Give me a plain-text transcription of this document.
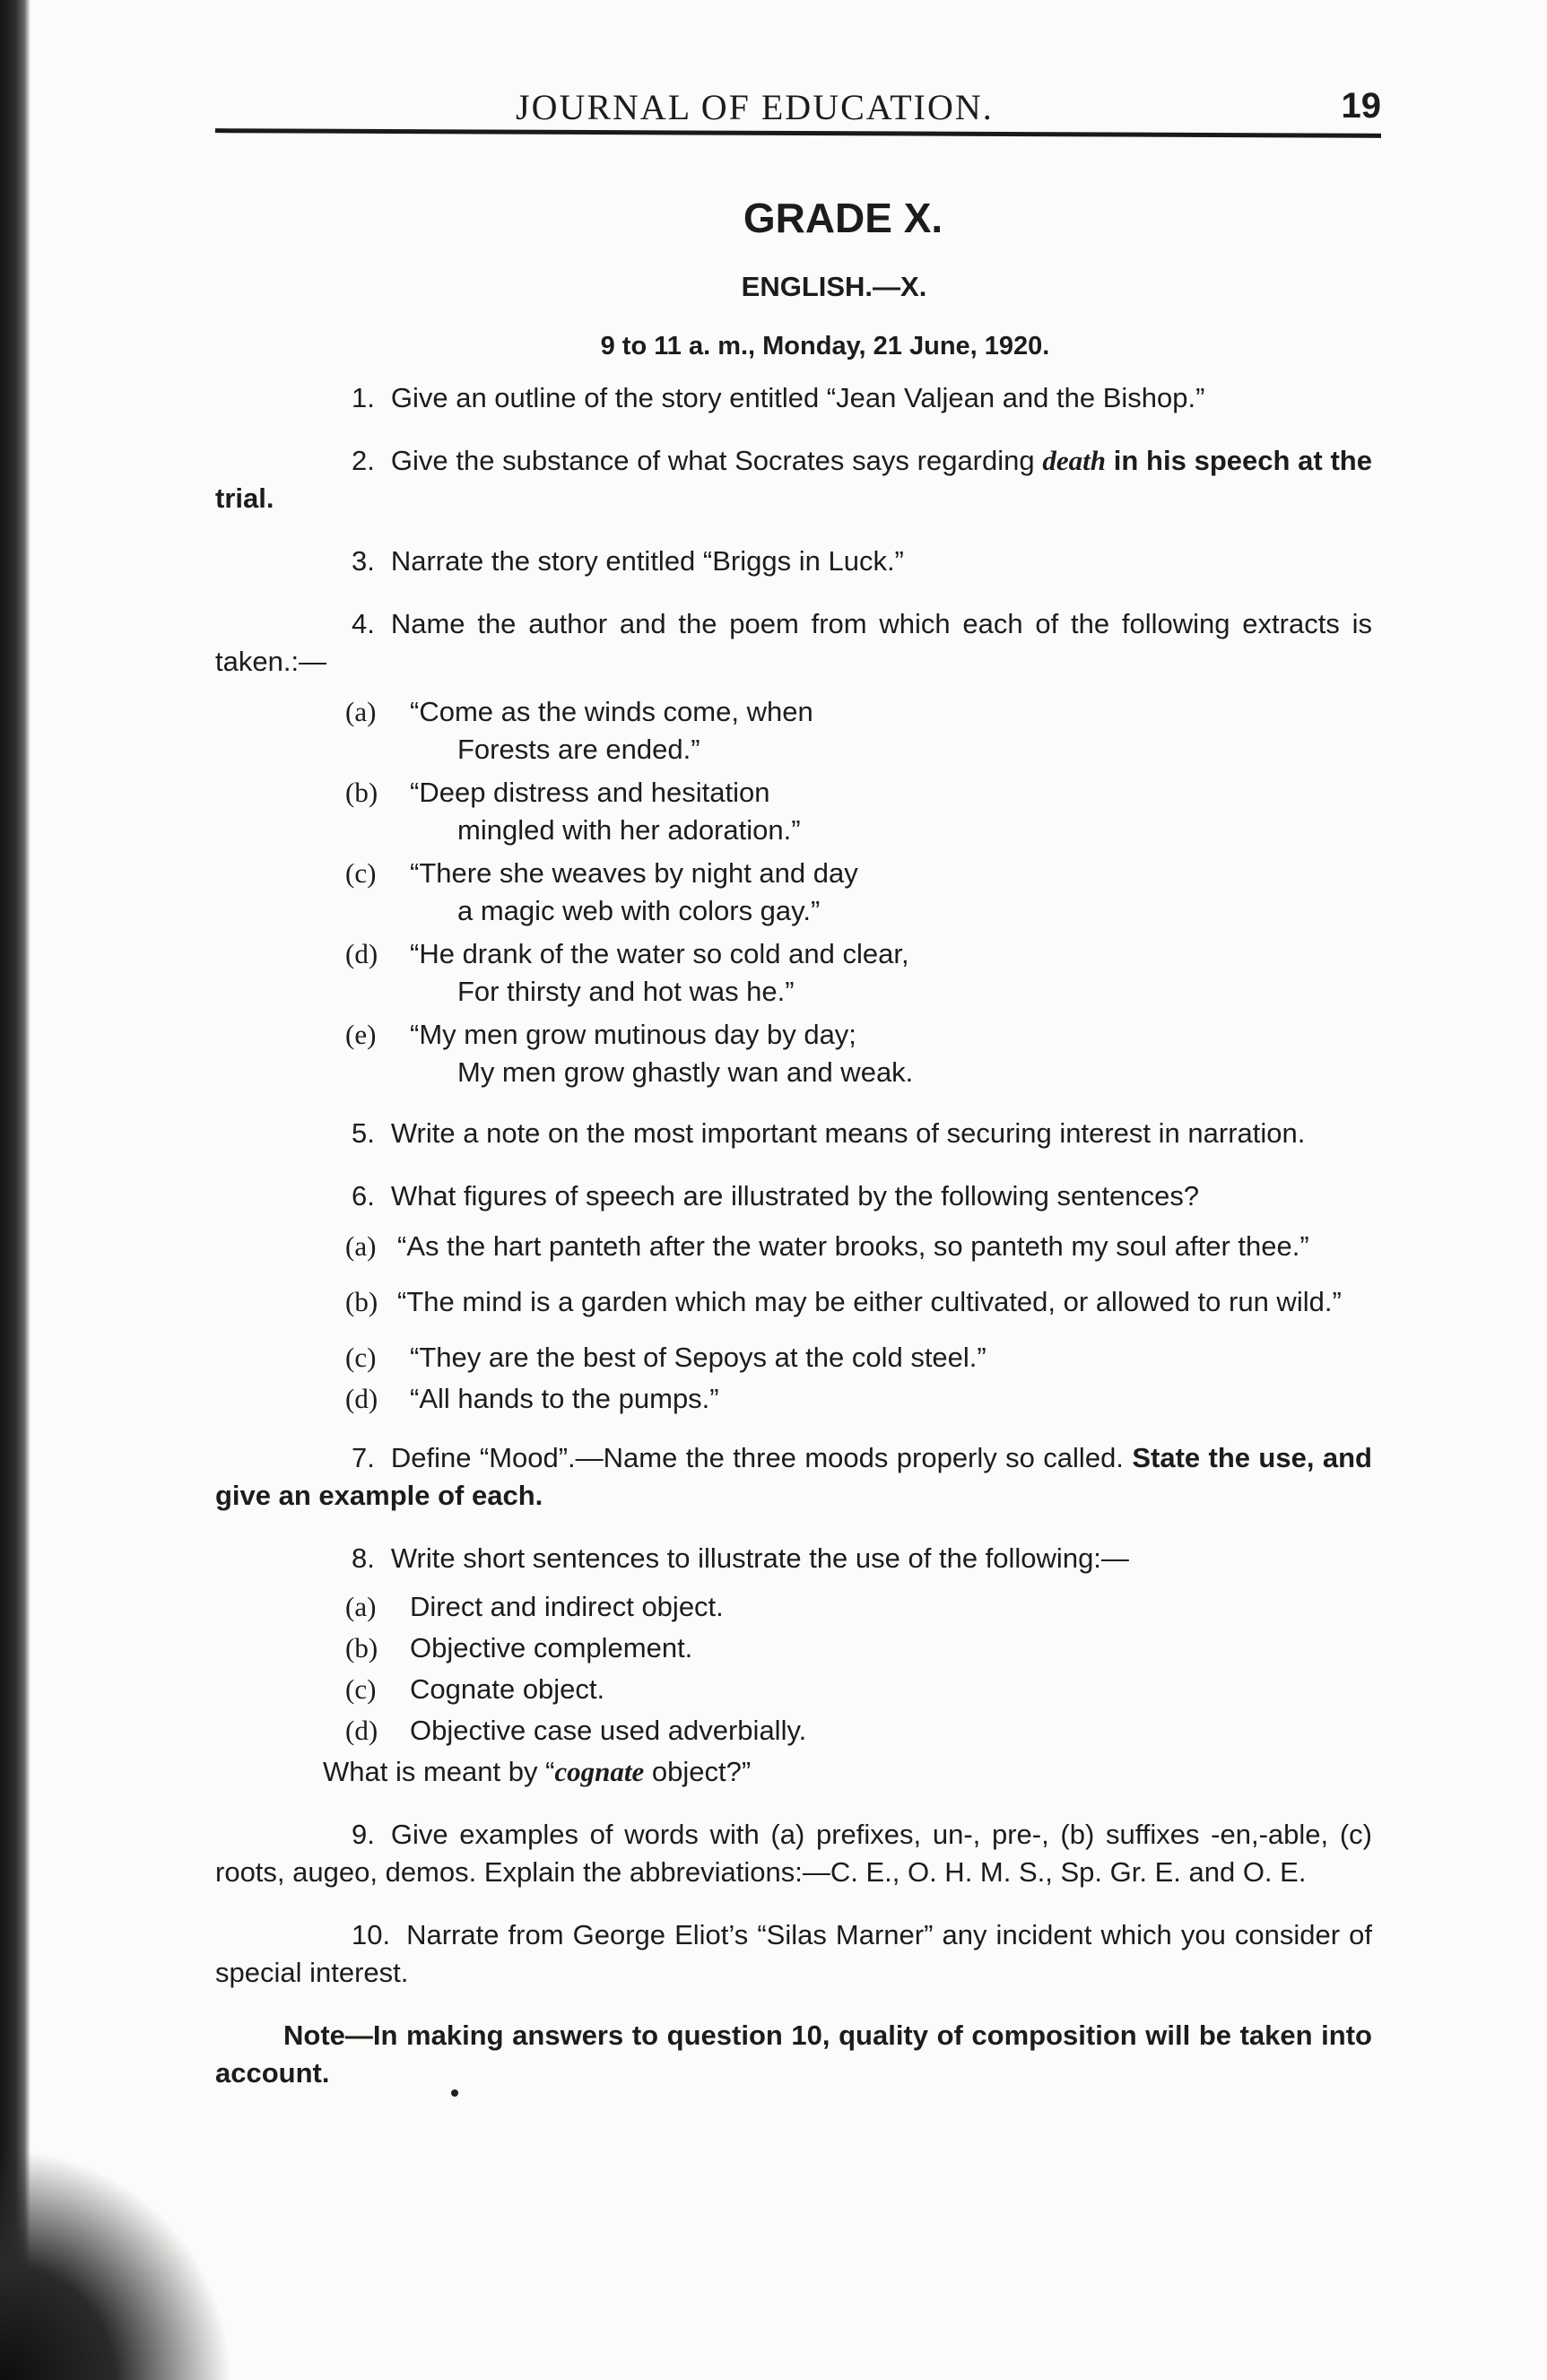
JOURNAL OF EDUCATION.	19
GRADE X.
ENGLISH.—X.
9 to 11 a. m., Monday, 21 June, 1920.

1. Give an outline of the story entitled “Jean Valjean and the Bishop.”

2. Give the substance of what Socrates says regarding death in his speech at the trial.

3. Narrate the story entitled “Briggs in Luck.”

4. Name the author and the poem from which each of the following extracts is taken.:—

(a)	“Come as the winds come, when
Forests are ended.”
(b)	“Deep distress and hesitation
mingled with her adoration.”
(c)	“There she weaves by night and day
a magic web with colors gay.”
(d)	“He drank of the water so cold and clear,
For thirsty and hot was he.”
(e)	“My men grow mutinous day by day;
My men grow ghastly wan and weak.

5. Write a note on the most important means of securing interest in narration.

6. What figures of speech are illustrated by the following sentences?

(a) “As the hart panteth after the water brooks, so panteth my soul after thee.”

(b) “The mind is a garden which may be either cultivated, or allowed to run wild.”

(c) “They are the best of Sepoys at the cold steel.”
(d) “All hands to the pumps.”

7. Define “Mood”.—Name the three moods properly so called. State the use, and give an example of each.

8. Write short sentences to illustrate the use of the following:—

(a) Direct and indirect object.
(b) Objective complement.
(c) Cognate object.
(d) Objective case used adverbially.

What is meant by “cognate object?”

9. Give examples of words with (a) prefixes, un-, pre-, (b) suffixes -en,-able, (c) roots, augeo, demos. Explain the abbreviations:—C. E., O. H. M. S., Sp. Gr. E. and O. E.

10. Narrate from George Eliot’s “Silas Marner” any incident which you consider of special interest.

Note—In making answers to question 10, quality of composition will be taken into account.
